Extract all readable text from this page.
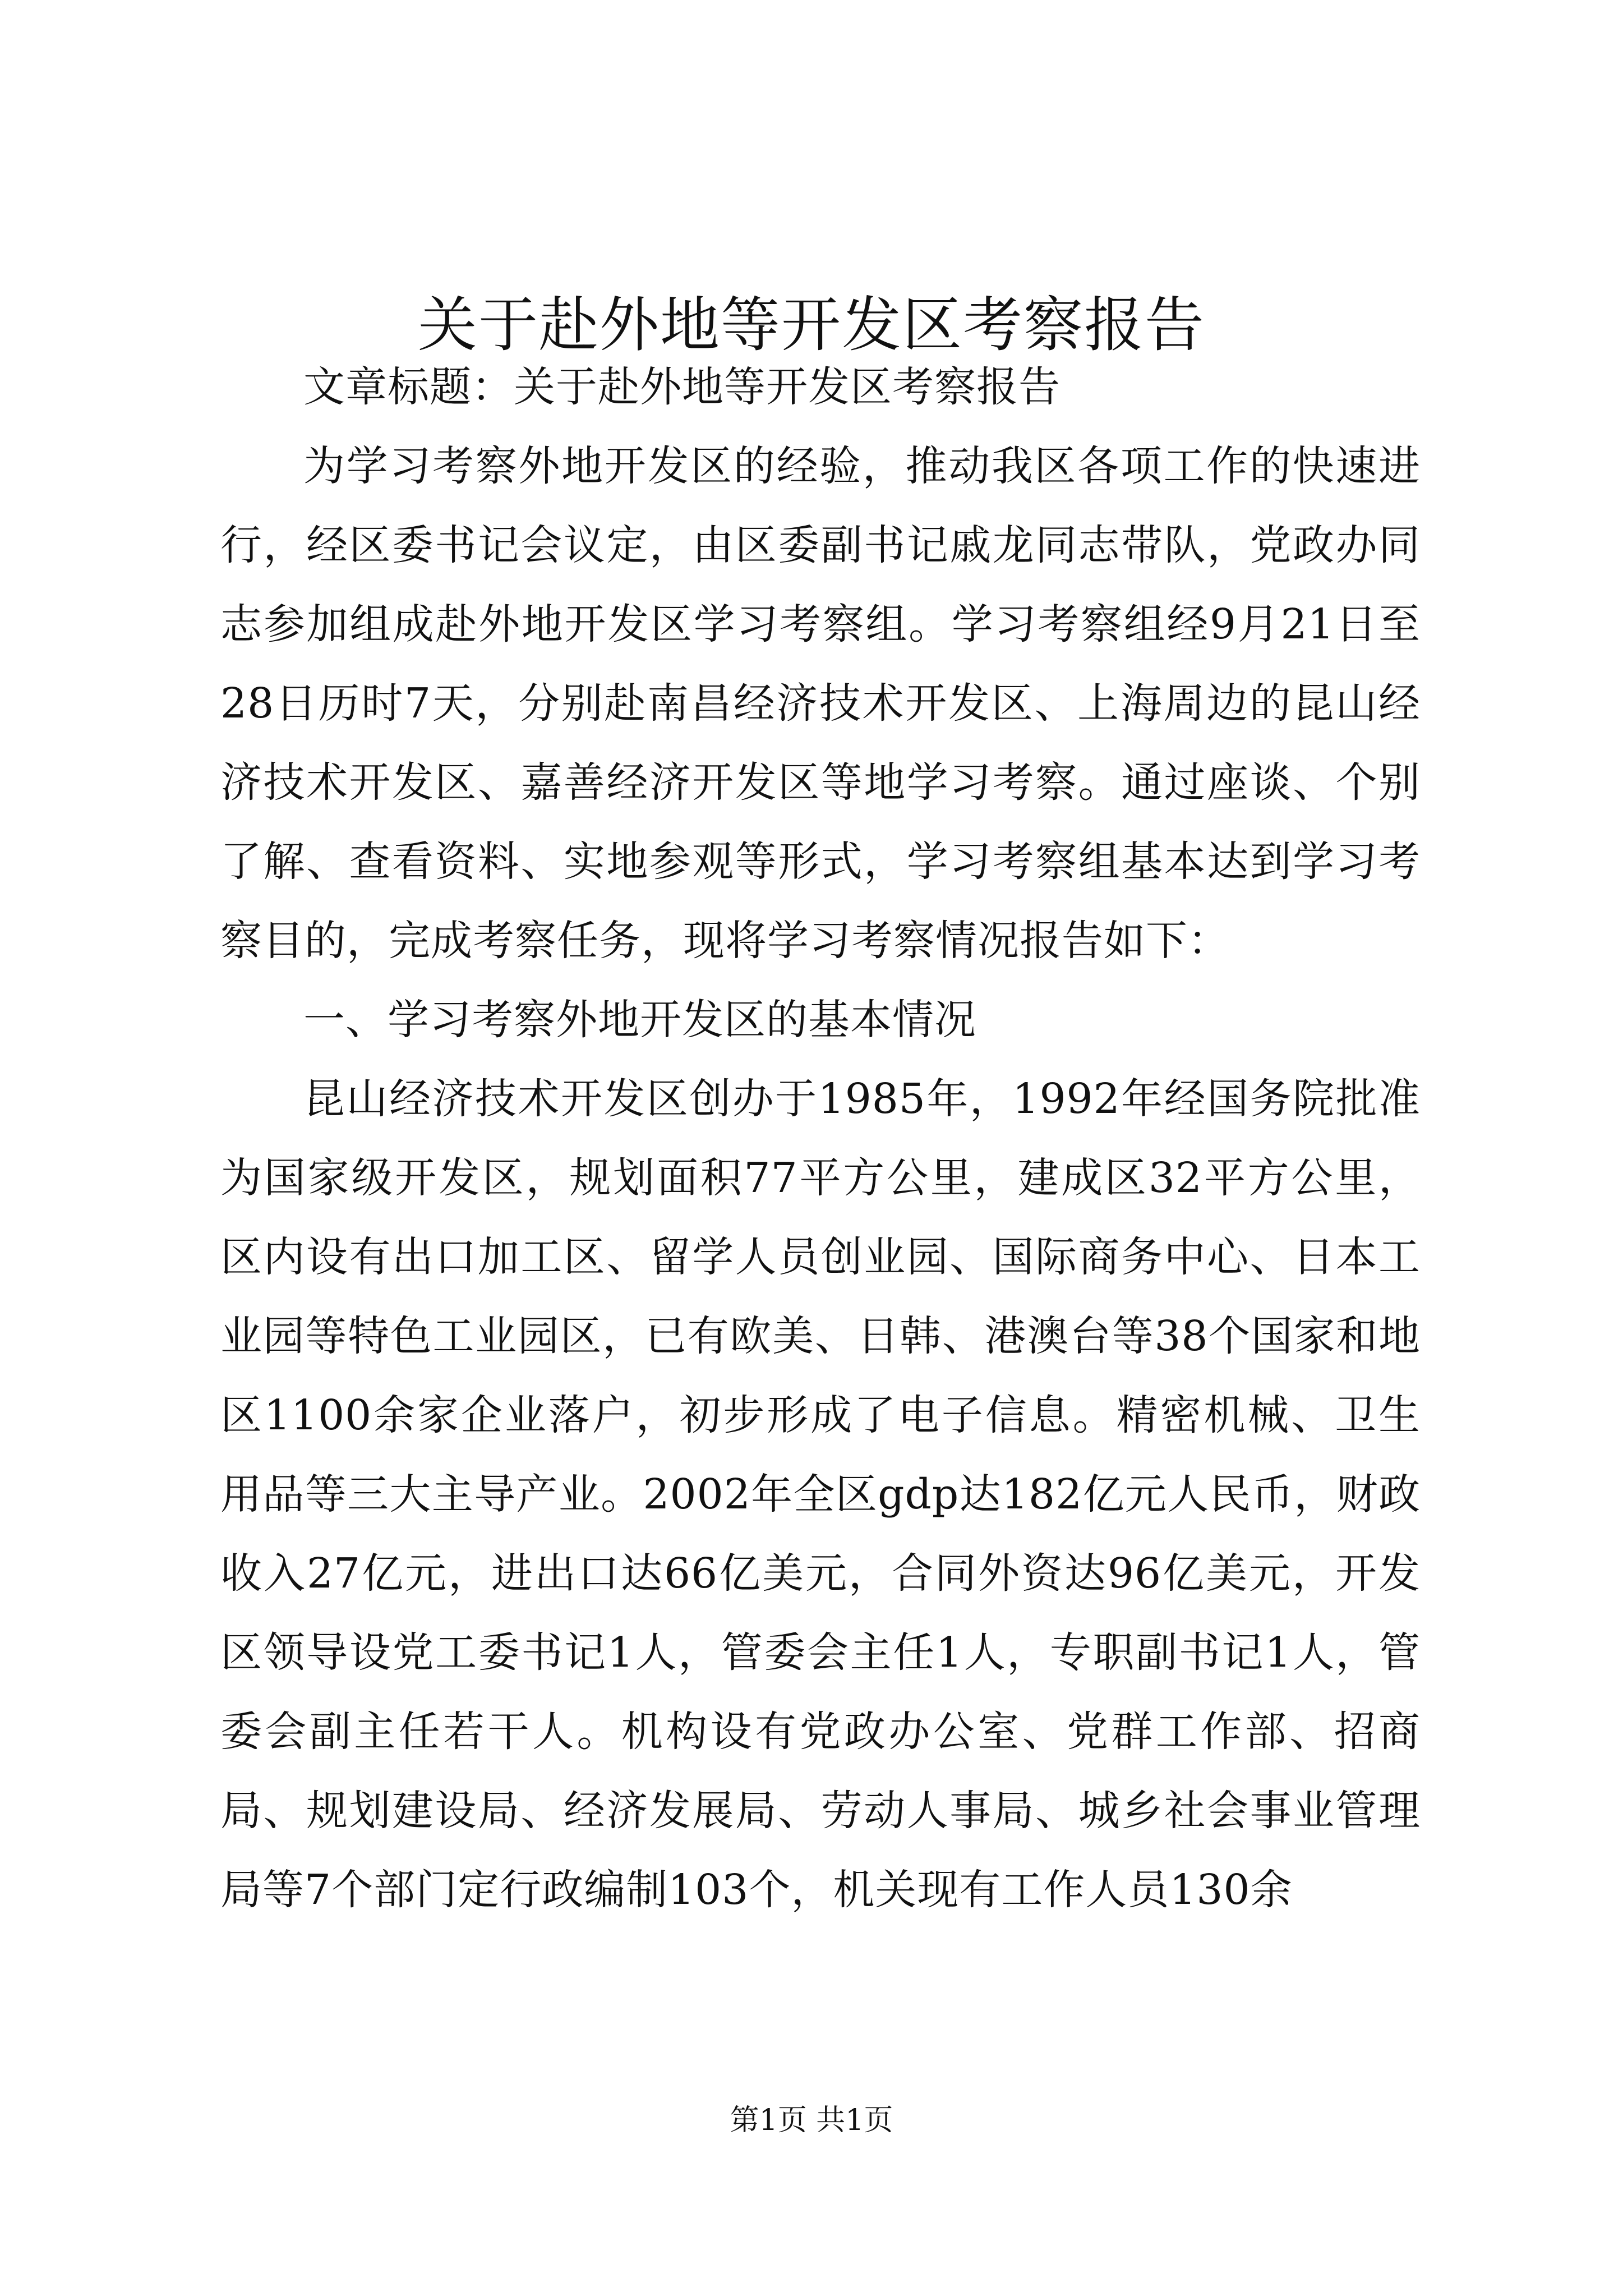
关于赴外地等开发区考察报告

文章标题：关于赴外地等开发区考察报告

为学习考察外地开发区的经验，推动我区各项工作的快速进行，经区委书记会议定，由区委副书记戚龙同志带队，党政办同志参加组成赴外地开发区学习考察组。学习考察组经9月21日至28日历时7天，分别赴南昌经济技术开发区、上海周边的昆山经济技术开发区、嘉善经济开发区等地学习考察。通过座谈、个别了解、查看资料、实地参观等形式，学习考察组基本达到学习考察目的，完成考察任务，现将学习考察情况报告如下：

一、学习考察外地开发区的基本情况

昆山经济技术开发区创办于1985年，1992年经国务院批准为国家级开发区，规划面积77平方公里，建成区32平方公里，区内设有出口加工区、留学人员创业园、国际商务中心、日本工业园等特色工业园区，已有欧美、日韩、港澳台等38个国家和地区1100余家企业落户，初步形成了电子信息。精密机械、卫生用品等三大主导产业。2002年全区gdp达182亿元人民币，财政收入27亿元，进出口达66亿美元，合同外资达96亿美元，开发区领导设党工委书记1人，管委会主任1人，专职副书记1人，管委会副主任若干人。机构设有党政办公室、党群工作部、招商局、规划建设局、经济发展局、劳动人事局、城乡社会事业管理局等7个部门定行政编制103个，机关现有工作人员130余

第1页 共1页
